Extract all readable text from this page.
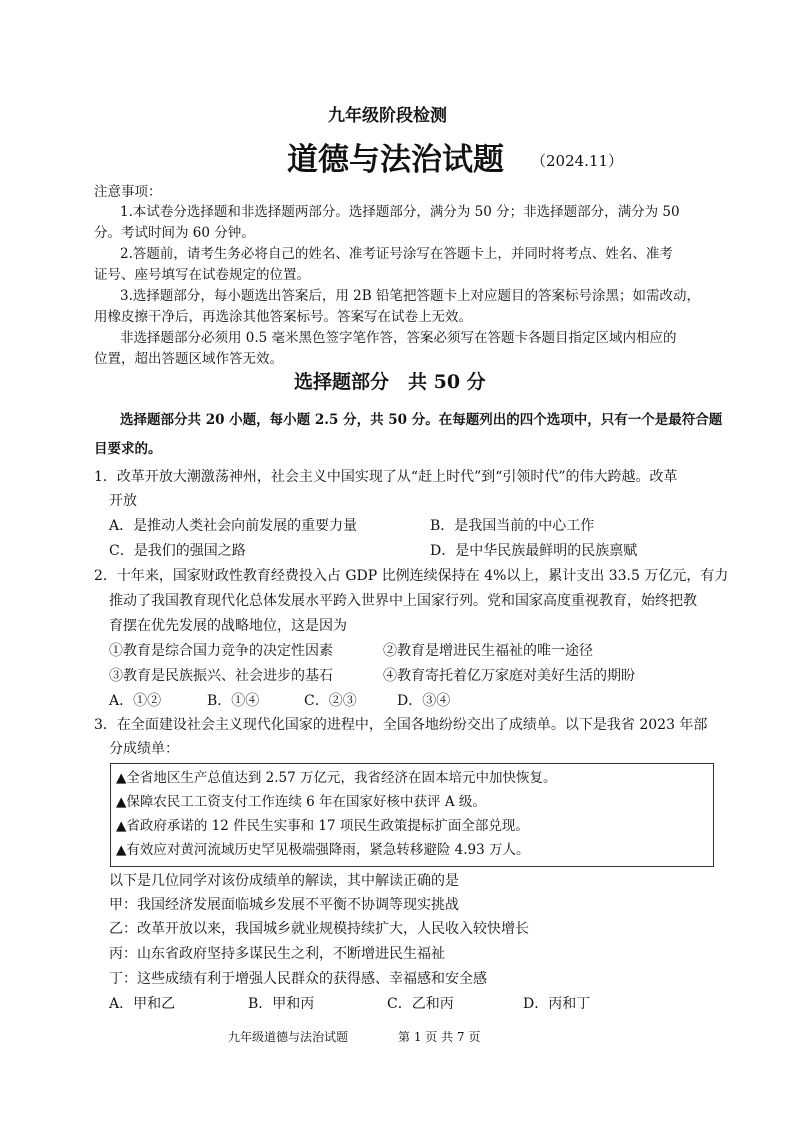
九年级阶段检测
道德与法治试题 （2024.11）
注意事项：
1.本试卷分选择题和非选择题两部分。选择题部分，满分为 50 分；非选择题部分，满分为 50
分。考试时间为 60 分钟。
2.答题前，请考生务必将自己的姓名、准考证号涂写在答题卡上，并同时将考点、姓名、准考
证号、座号填写在试卷规定的位置。
3.选择题部分，每小题选出答案后，用 2B 铅笔把答题卡上对应题目的答案标号涂黑；如需改动，
用橡皮擦干净后，再选涂其他答案标号。答案写在试卷上无效。
非选择题部分必须用 0.5 毫米黑色签字笔作答，答案必须写在答题卡各题目指定区域内相应的
位置，超出答题区域作答无效。
选择题部分　共 50 分
选择题部分共 20 小题，每小题 2.5 分，共 50 分。在每题列出的四个选项中，只有一个是最符合题
目要求的。
1．改革开放大潮激荡神州，社会主义中国实现了从“赶上时代”到“引领时代”的伟大跨越。改革
开放
A．是推动人类社会向前发展的重要力量	B．是我国当前的中心工作
C．是我们的强国之路	D．是中华民族最鲜明的民族禀赋
2．十年来，国家财政性教育经费投入占 GDP 比例连续保持在 4%以上，累计支出 33.5 万亿元，有力
推动了我国教育现代化总体发展水平跨入世界中上国家行列。党和国家高度重视教育，始终把教
育摆在优先发展的战略地位，这是因为
①教育是综合国力竞争的决定性因素	②教育是增进民生福祉的唯一途径
③教育是民族振兴、社会进步的基石	④教育寄托着亿万家庭对美好生活的期盼
A．①②	B．①④	C．②③	D．③④
3．在全面建设社会主义现代化国家的进程中，全国各地纷纷交出了成绩单。以下是我省 2023 年部
分成绩单：
▲全省地区生产总值达到 2.57 万亿元，我省经济在固本培元中加快恢复。
▲保障农民工工资支付工作连续 6 年在国家好核中获评 A 级。
▲省政府承诺的 12 件民生实事和 17 项民生政策提标扩面全部兑现。
▲有效应对黄河流域历史罕见极端强降雨，紧急转移避险 4.93 万人。
以下是几位同学对该份成绩单的解读，其中解读正确的是
甲：我国经济发展面临城乡发展不平衡不协调等现实挑战
乙：改革开放以来，我国城乡就业规模持续扩大，人民收入较快增长
丙：山东省政府坚持多谋民生之利，不断增进民生福祉
丁：这些成绩有利于增强人民群众的获得感、幸福感和安全感
A．甲和乙	B．甲和丙	C．乙和丙	D．丙和丁
九年级道德与法治试题	第 1 页 共 7 页
